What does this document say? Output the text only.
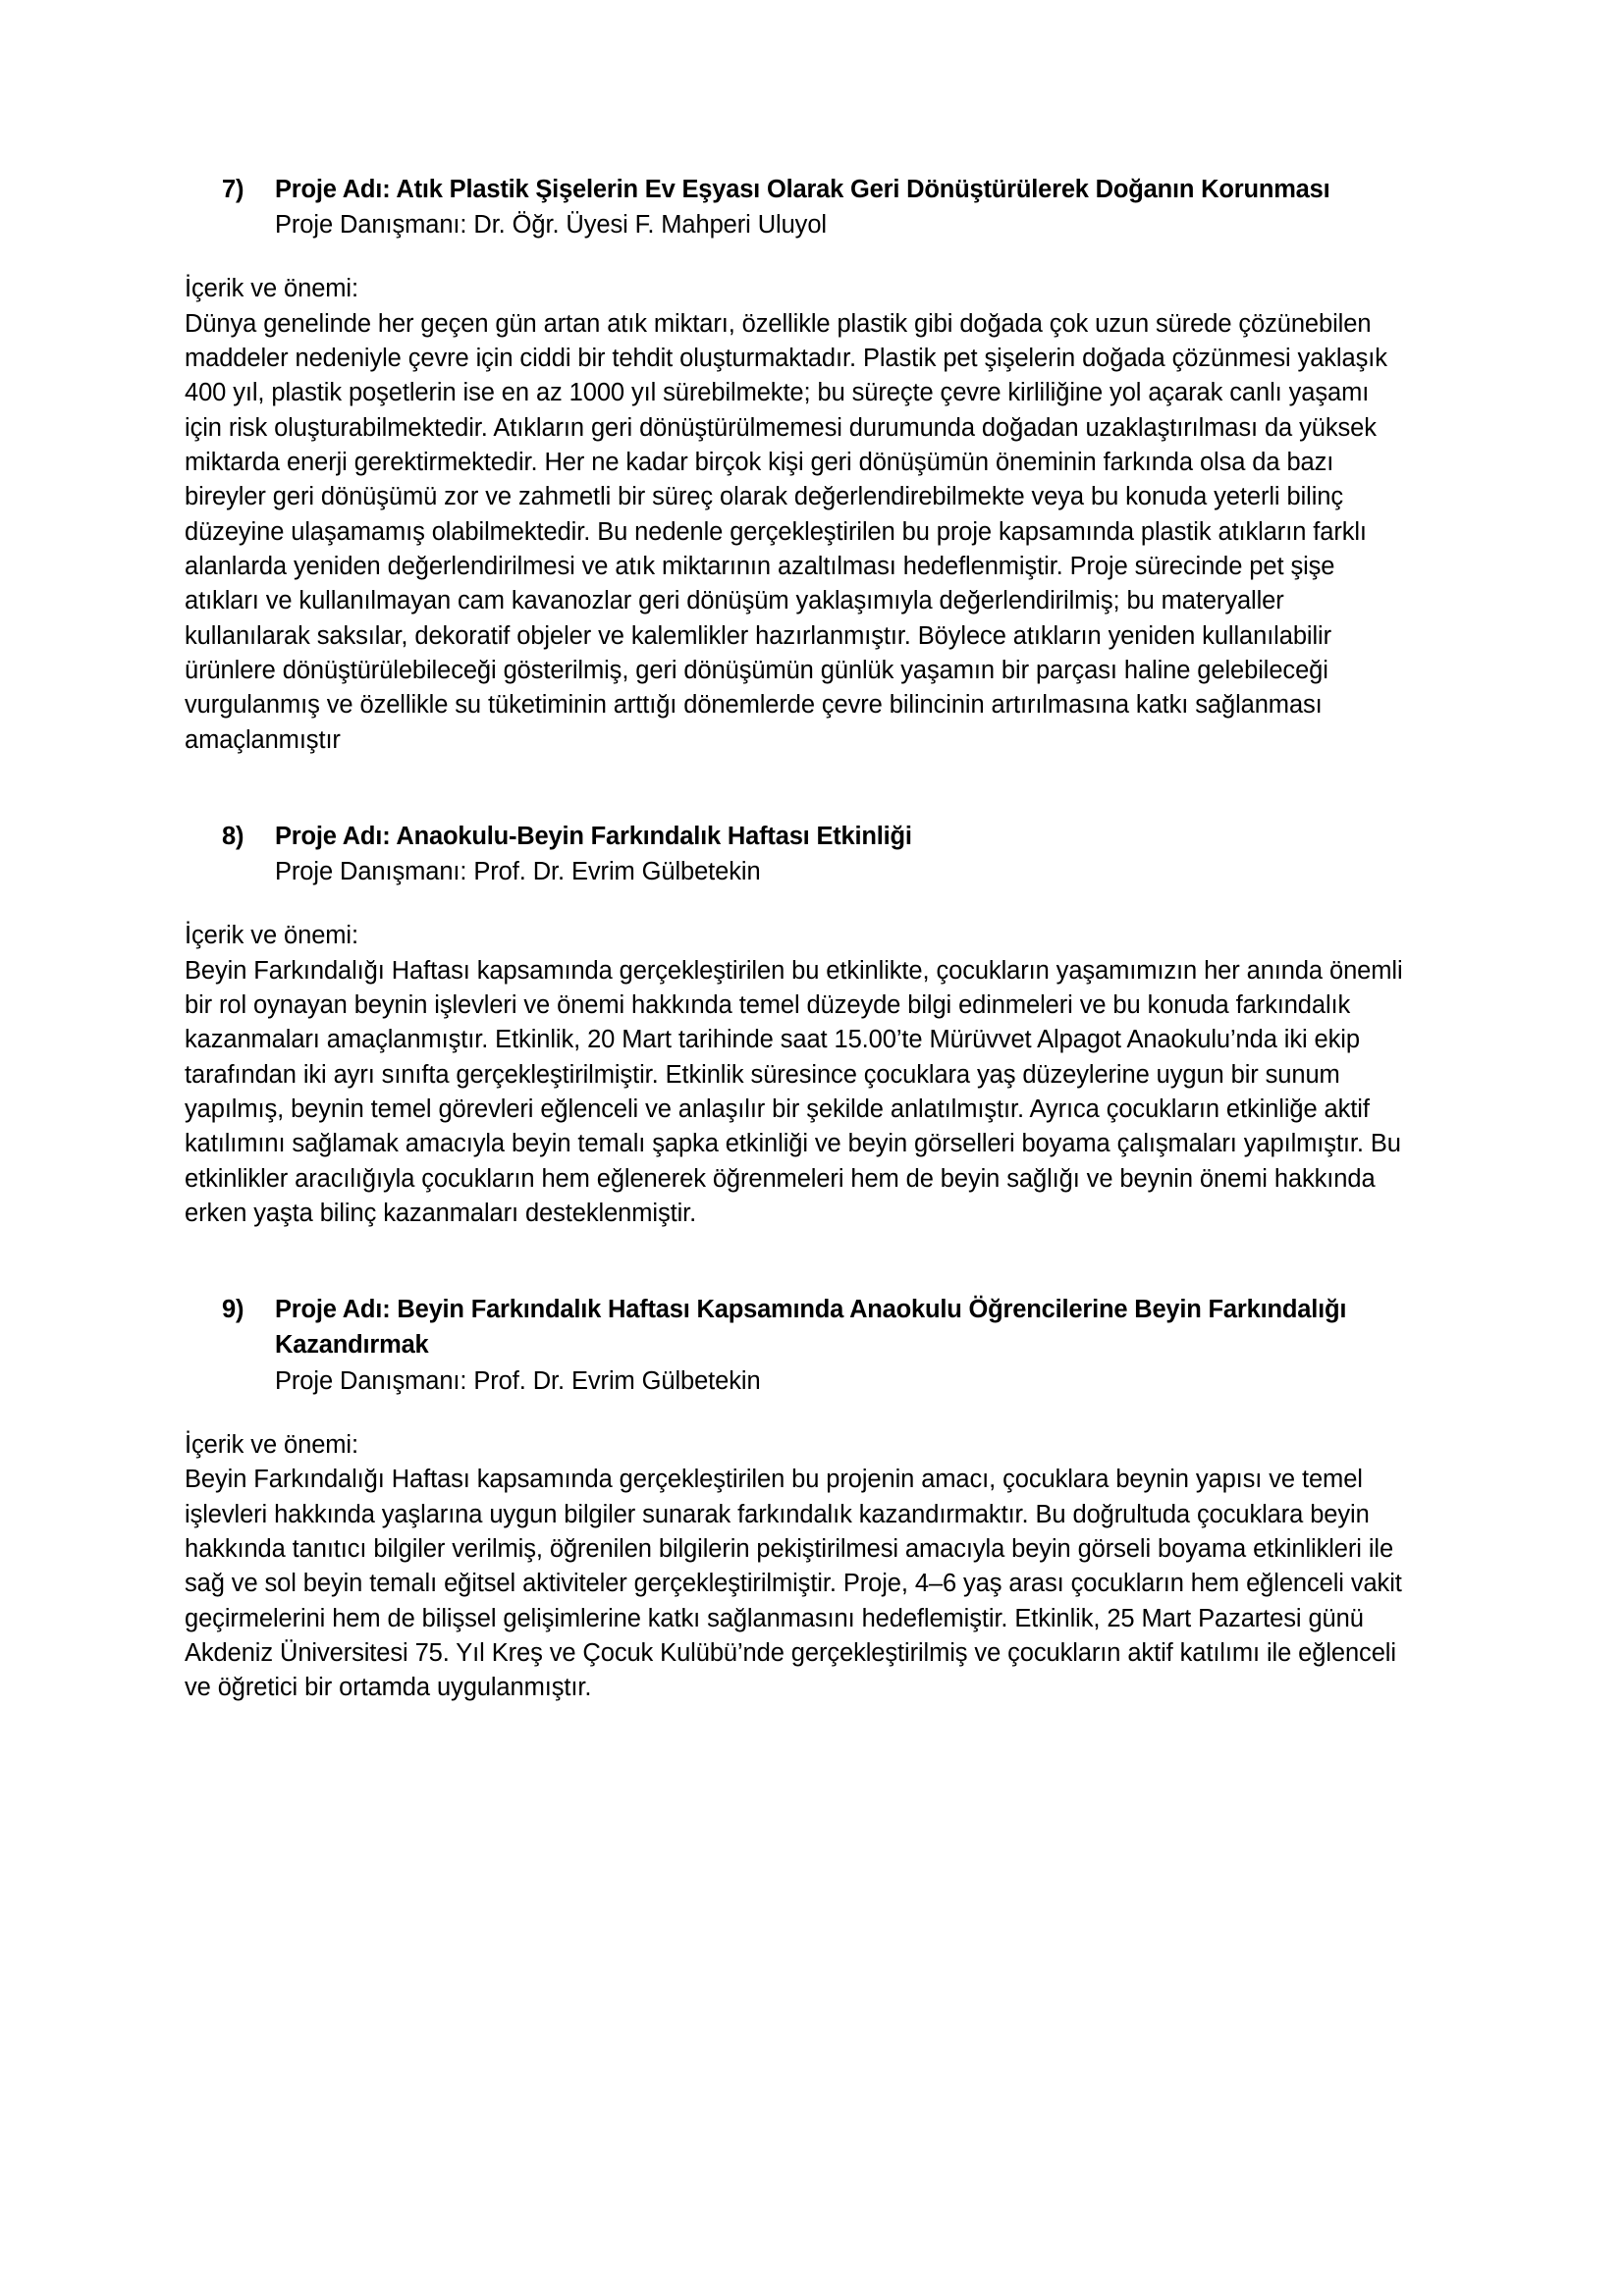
7)	Proje Adı: Atık Plastik Şişelerin Ev Eşyası Olarak Geri Dönüştürülerek Doğanın Korunması
Proje Danışmanı: Dr. Öğr. Üyesi F. Mahperi Uluyol
İçerik ve önemi:
Dünya genelinde her geçen gün artan atık miktarı, özellikle plastik gibi doğada çok uzun sürede çözünebilen maddeler nedeniyle çevre için ciddi bir tehdit oluşturmaktadır. Plastik pet şişelerin doğada çözünmesi yaklaşık 400 yıl, plastik poşetlerin ise en az 1000 yıl sürebilmekte; bu süreçte çevre kirliliğine yol açarak canlı yaşamı için risk oluşturabilmektedir. Atıkların geri dönüştürülmemesi durumunda doğadan uzaklaştırılması da yüksek miktarda enerji gerektirmektedir. Her ne kadar birçok kişi geri dönüşümün öneminin farkında olsa da bazı bireyler geri dönüşümü zor ve zahmetli bir süreç olarak değerlendirebilmekte veya bu konuda yeterli bilinç düzeyine ulaşamamış olabilmektedir. Bu nedenle gerçekleştirilen bu proje kapsamında plastik atıkların farklı alanlarda yeniden değerlendirilmesi ve atık miktarının azaltılması hedeflenmiştir. Proje sürecinde pet şişe atıkları ve kullanılmayan cam kavanozlar geri dönüşüm yaklaşımıyla değerlendirilmiş; bu materyaller kullanılarak saksılar, dekoratif objeler ve kalemlikler hazırlanmıştır. Böylece atıkların yeniden kullanılabilir ürünlere dönüştürülebileceği gösterilmiş, geri dönüşümün günlük yaşamın bir parçası haline gelebileceği vurgulanmış ve özellikle su tüketiminin arttığı dönemlerde çevre bilincinin artırılmasına katkı sağlanması amaçlanmıştır
8)	Proje Adı: Anaokulu-Beyin Farkındalık Haftası Etkinliği
Proje Danışmanı: Prof. Dr. Evrim Gülbetekin
İçerik ve önemi:
Beyin Farkındalığı Haftası kapsamında gerçekleştirilen bu etkinlikte, çocukların yaşamımızın her anında önemli bir rol oynayan beynin işlevleri ve önemi hakkında temel düzeyde bilgi edinmeleri ve bu konuda farkındalık kazanmaları amaçlanmıştır. Etkinlik, 20 Mart tarihinde saat 15.00’te Mürüvvet Alpagot Anaokulu’nda iki ekip tarafından iki ayrı sınıfta gerçekleştirilmiştir. Etkinlik süresince çocuklara yaş düzeylerine uygun bir sunum yapılmış, beynin temel görevleri eğlenceli ve anlaşılır bir şekilde anlatılmıştır. Ayrıca çocukların etkinliğe aktif katılımını sağlamak amacıyla beyin temalı şapka etkinliği ve beyin görselleri boyama çalışmaları yapılmıştır. Bu etkinlikler aracılığıyla çocukların hem eğlenerek öğrenmeleri hem de beyin sağlığı ve beynin önemi hakkında erken yaşta bilinç kazanmaları desteklenmiştir.
9)	Proje Adı: Beyin Farkındalık Haftası Kapsamında Anaokulu Öğrencilerine Beyin Farkındalığı Kazandırmak
Proje Danışmanı: Prof. Dr. Evrim Gülbetekin
İçerik ve önemi:
Beyin Farkındalığı Haftası kapsamında gerçekleştirilen bu projenin amacı, çocuklara beynin yapısı ve temel işlevleri hakkında yaşlarına uygun bilgiler sunarak farkındalık kazandırmaktır. Bu doğrultuda çocuklara beyin hakkında tanıtıcı bilgiler verilmiş, öğrenilen bilgilerin pekiştirilmesi amacıyla beyin görseli boyama etkinlikleri ile sağ ve sol beyin temalı eğitsel aktiviteler gerçekleştirilmiştir. Proje, 4–6 yaş arası çocukların hem eğlenceli vakit geçirmelerini hem de bilişsel gelişimlerine katkı sağlanmasını hedeflemiştir. Etkinlik, 25 Mart Pazartesi günü Akdeniz Üniversitesi 75. Yıl Kreş ve Çocuk Kulübü’nde gerçekleştirilmiş ve çocukların aktif katılımı ile eğlenceli ve öğretici bir ortamda uygulanmıştır.
